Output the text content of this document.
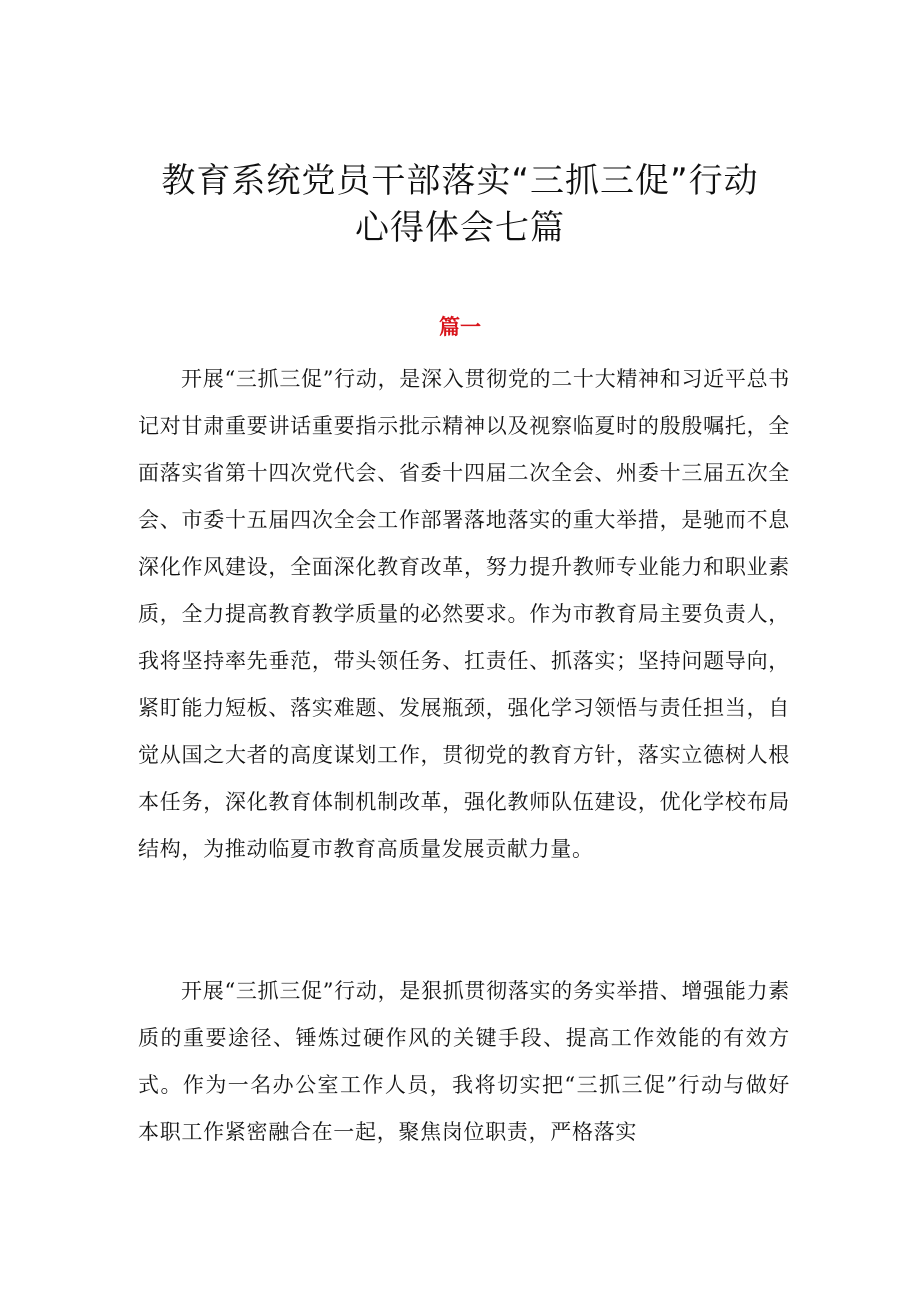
教育系统党员干部落实“三抓三促”行动
心得体会七篇
篇一

开展“三抓三促”行动，是深入贯彻党的二十大精神和习近平总书记对甘肃重要讲话重要指示批示精神以及视察临夏时的殷殷嘱托，全面落实省第十四次党代会、省委十四届二次全会、州委十三届五次全会、市委十五届四次全会工作部署落地落实的重大举措，是驰而不息深化作风建设，全面深化教育改革，努力提升教师专业能力和职业素质，全力提高教育教学质量的必然要求。作为市教育局主要负责人，我将坚持率先垂范，带头领任务、扛责任、抓落实；坚持问题导向，紧盯能力短板、落实难题、发展瓶颈，强化学习领悟与责任担当，自觉从国之大者的高度谋划工作，贯彻党的教育方针，落实立德树人根本任务，深化教育体制机制改革，强化教师队伍建设，优化学校布局结构，为推动临夏市教育高质量发展贡献力量。

开展“三抓三促”行动，是狠抓贯彻落实的务实举措、增强能力素质的重要途径、锤炼过硬作风的关键手段、提高工作效能的有效方式。作为一名办公室工作人员，我将切实把“三抓三促”行动与做好本职工作紧密融合在一起，聚焦岗位职责，严格落实
